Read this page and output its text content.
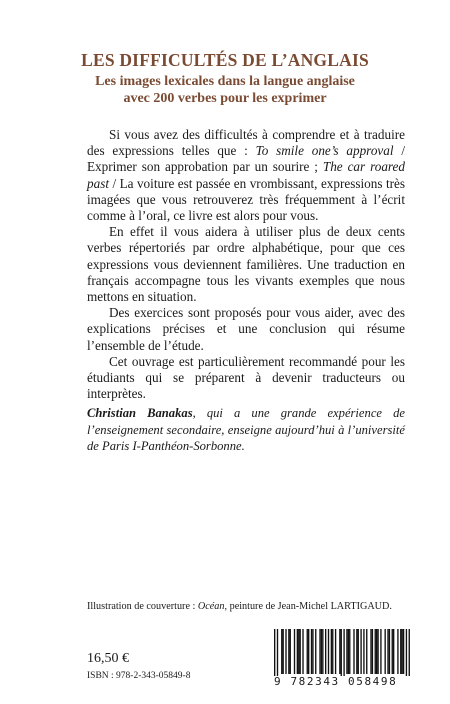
LES DIFFICULTÉS DE L’ANGLAIS
Les images lexicales dans la langue anglaise
avec 200 verbes pour les exprimer

Si vous avez des difficultés à comprendre et à traduire des expressions telles que : To smile one’s approval / Exprimer son approbation par un sourire ; The car roared past / La voiture est passée en vrombissant, expressions très imagées que vous retrouverez très fréquemment à l’écrit comme à l’oral, ce livre est alors pour vous.

En effet il vous aidera à utiliser plus de deux cents verbes répertoriés par ordre alphabétique, pour que ces expressions vous deviennent familières. Une traduction en français accompagne tous les vivants exemples que nous mettons en situation.

Des exercices sont proposés pour vous aider, avec des explications précises et une conclusion qui résume l’ensemble de l’étude.

Cet ouvrage est particulièrement recommandé pour les étudiants qui se préparent à devenir traducteurs ou interprètes.

Christian Banakas, qui a une grande expérience de l’enseignement secondaire, enseigne aujourd’hui à l’université de Paris I-Panthéon-Sorbonne.
Illustration de couverture : Océan, peinture de Jean-Michel LARTIGAUD.
16,50 €
ISBN : 978-2-343-05849-8	9 782343 058498
